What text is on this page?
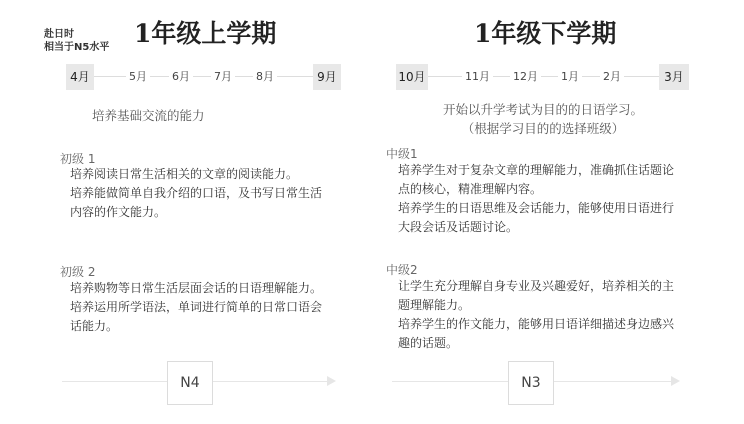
赴日时
相当于N5水平 1年级上学期	1年级下学期
4月	5月 6月 7月 8月	9月	10月	11月 12月 1月 2月	3月
培养基础交流的能力	开始以升学考试为目的的日语学习。
（根据学习目的的选择班级）
初级 1
培养阅读日常生活相关的文章的阅读能力。
培养能做简单自我介绍的口语，及书写日常生活
内容的作文能力。
初级 2
培养购物等日常生活层面会话的日语理解能力。
培养运用所学语法，单词进行简单的日常口语会
话能力。
中级1
培养学生对于复杂文章的理解能力，准确抓住话题论
点的核心，精准理解内容。
培养学生的日语思维及会话能力，能够使用日语进行
大段会话及话题讨论。
中级2
让学生充分理解自身专业及兴趣爱好，培养相关的主
题理解能力。
培养学生的作文能力，能够用日语详细描述身边感兴
趣的话题。
N4	N3
